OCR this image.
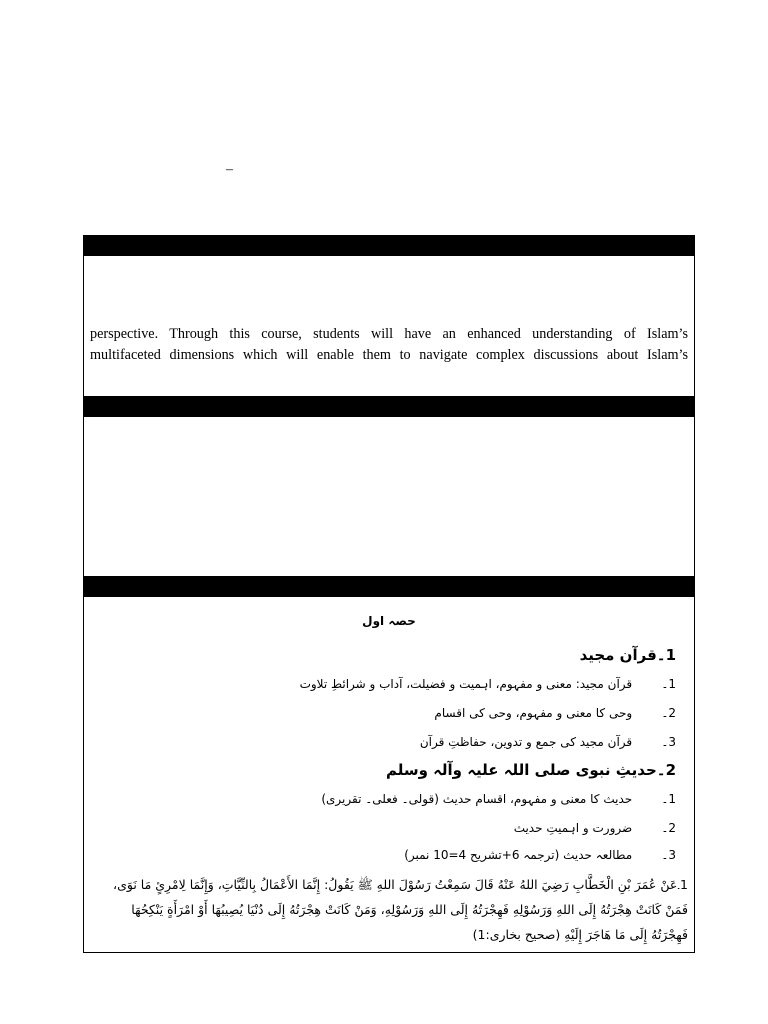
–
perspective. Through this course, students will have an enhanced understanding of Islam’s
multifaceted dimensions which will enable them to navigate complex discussions about Islam’s
حصہ اول
1۔قرآن مجید
1۔ قرآن مجید: معنی و مفہوم، اہمیت و فضیلت، آداب و شرائطِ تلاوت
2۔ وحی کا معنی و مفہوم، وحی کی اقسام
3۔ قرآن مجید کی جمع و تدوین، حفاظتِ قرآن
2۔حدیثِ نبوی صلی اللہ علیہ وآلہ وسلم
1۔ حدیث کا معنی و مفہوم، اقسام حدیث (قولی۔ فعلی۔ تقریری)
2۔ ضرورت و اہمیتِ حدیث
3۔ مطالعہ حدیث (ترجمہ 6+تشریح 4=10 نمبر)
1۔عَنْ عُمَرَ بْنِ الْخَطَّابِ رَضِيَ اللهُ عَنْهُ قَالَ سَمِعْتُ رَسُوْلَ اللهِ ﷺ يَقُولُ: إِنَّمَا الأَعْمَالُ بِالنِّيَّاتِ، وَإِنَّمَا لِامْرِئٍ مَا نَوَى،
فَمَنْ كَانَتْ هِجْرَتُهُ إِلَى اللهِ وَرَسُوْلِهِ فَهِجْرَتُهُ إِلَى اللهِ وَرَسُوْلِهِ، وَمَنْ كَانَتْ هِجْرَتُهُ إِلَى دُنْيَا يُصِيبُهَا أَوْ امْرَأَةٍ يَنْكِحُهَا
فَهِجْرَتُهُ إِلَى مَا هَاجَرَ إِلَيْهِ (صحیح بخاری:1)
